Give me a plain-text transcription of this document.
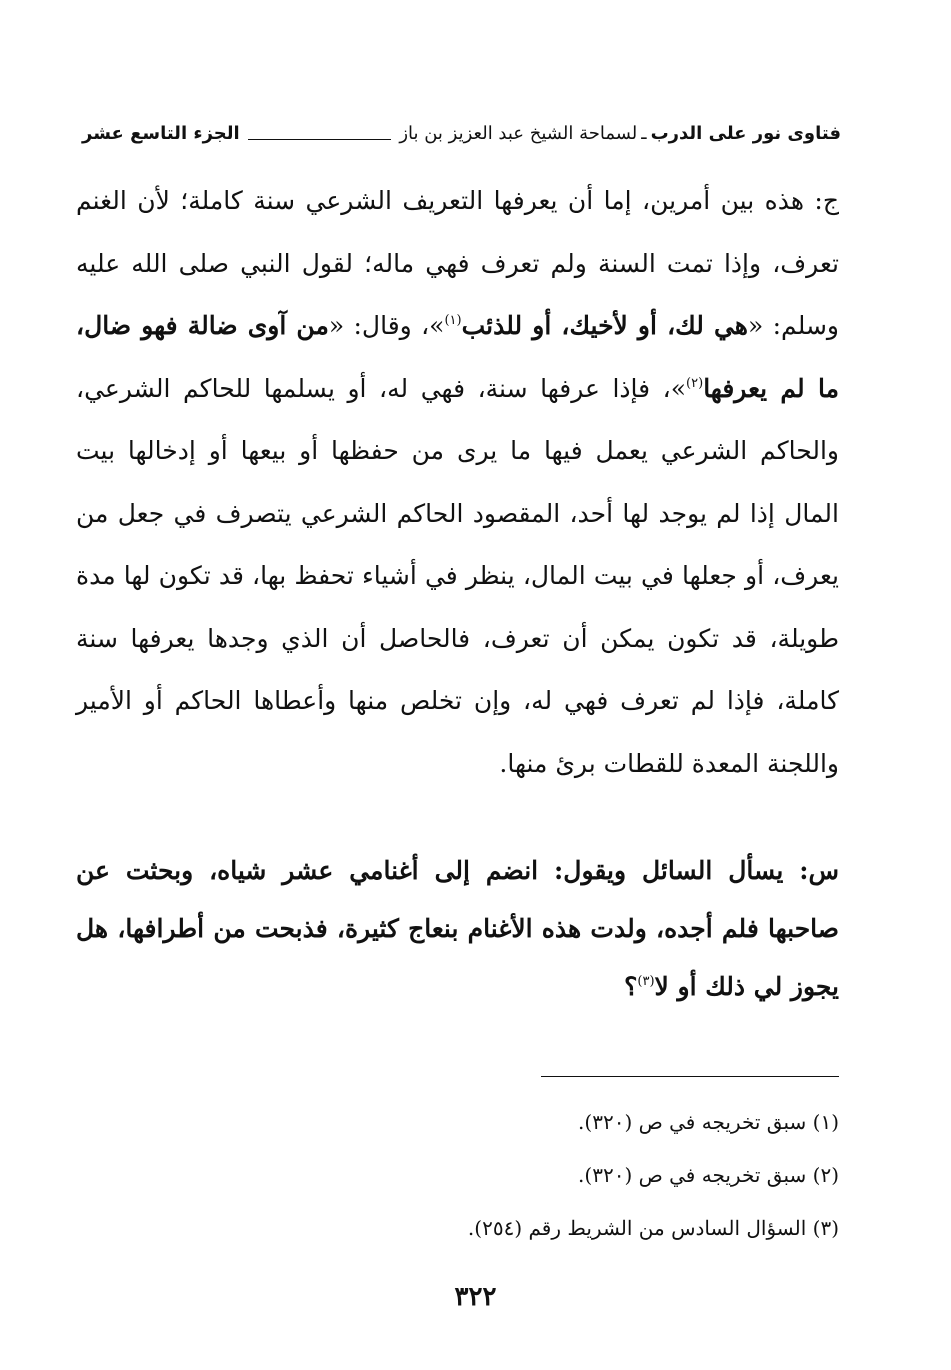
فتاوى نور على الدرب
ـ
لسماحة الشيخ عبد العزيز بن باز
الجزء التاسع عشر

ج: هذه بين أمرين، إما أن يعرفها التعريف الشرعي سنة كاملة؛ لأن الغنم تعرف، وإذا تمت السنة ولم تعرف فهي ماله؛ لقول النبي صلى الله عليه وسلم: «هي لك، أو لأخيك، أو للذئب$^{(١)}$»، وقال: «من آوى ضالة فهو ضال، ما لم يعرفها$^{(٢)}$»، فإذا عرفها سنة، فهي له، أو يسلمها للحاكم الشرعي، والحاكم الشرعي يعمل فيها ما يرى من حفظها أو بيعها أو إدخالها بيت المال إذا لم يوجد لها أحد، المقصود الحاكم الشرعي يتصرف في جعل من يعرف، أو جعلها في بيت المال، ينظر في أشياء تحفظ بها، قد تكون لها مدة طويلة، قد تكون يمكن أن تعرف، فالحاصل أن الذي وجدها يعرفها سنة كاملة، فإذا لم تعرف فهي له، وإن تخلص منها وأعطاها الحاكم أو الأمير واللجنة المعدة للقطات برئ منها.

س: يسأل السائل ويقول: انضم إلى أغنامي عشر شياه، وبحثت عن صاحبها فلم أجده، ولدت هذه الأغنام بنعاج كثيرة، فذبحت من أطرافها، هل يجوز لي ذلك أو لا$^{(٣)}$؟
(١) سبق تخريجه في ص (٣٢٠).
(٢) سبق تخريجه في ص (٣٢٠).
(٣) السؤال السادس من الشريط رقم (٢٥٤).
٣٢٢
